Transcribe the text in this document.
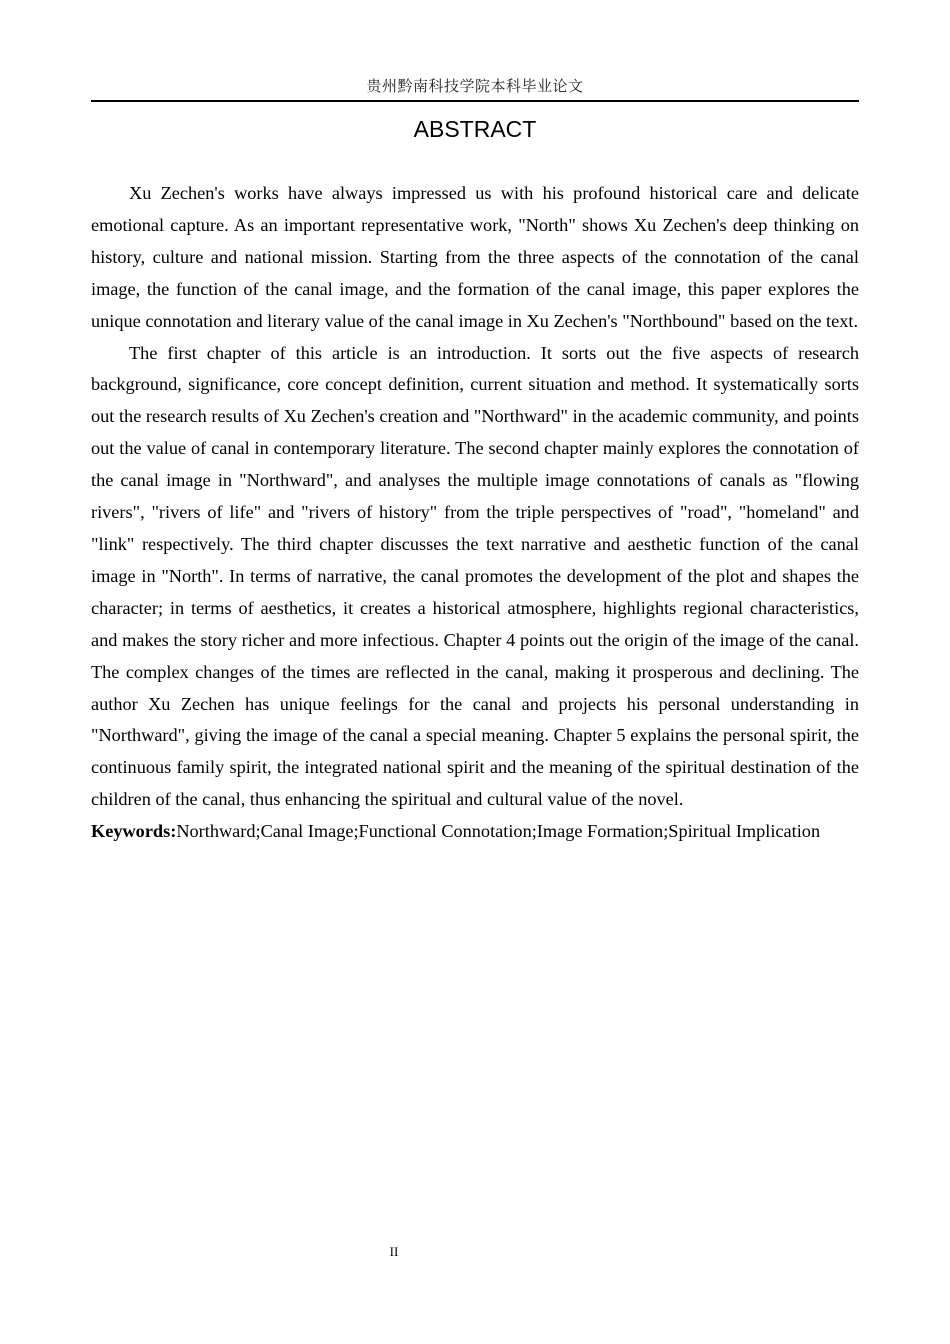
贵州黔南科技学院本科毕业论文
ABSTRACT

Xu Zechen's works have always impressed us with his profound historical care and delicate emotional capture. As an important representative work, "North" shows Xu Zechen's deep thinking on history, culture and national mission. Starting from the three aspects of the connotation of the canal image, the function of the canal image, and the formation of the canal image, this paper explores the unique connotation and literary value of the canal image in Xu Zechen's "Northbound" based on the text.

The first chapter of this article is an introduction. It sorts out the five aspects of research background, significance, core concept definition, current situation and method. It systematically sorts out the research results of Xu Zechen's creation and "Northward" in the academic community, and points out the value of canal in contemporary literature. The second chapter mainly explores the connotation of the canal image in "Northward", and analyses the multiple image connotations of canals as "flowing rivers", "rivers of life" and "rivers of history" from the triple perspectives of "road", "homeland" and "link" respectively. The third chapter discusses the text narrative and aesthetic function of the canal image in "North". In terms of narrative, the canal promotes the development of the plot and shapes the character; in terms of aesthetics, it creates a historical atmosphere, highlights regional characteristics, and makes the story richer and more infectious. Chapter 4 points out the origin of the image of the canal. The complex changes of the times are reflected in the canal, making it prosperous and declining. The author Xu Zechen has unique feelings for the canal and projects his personal understanding in "Northward", giving the image of the canal a special meaning. Chapter 5 explains the personal spirit, the continuous family spirit, the integrated national spirit and the meaning of the spiritual destination of the children of the canal, thus enhancing the spiritual and cultural value of the novel.

Keywords:Northward;Canal Image;Functional Connotation;Image Formation;Spiritual Implication

II
